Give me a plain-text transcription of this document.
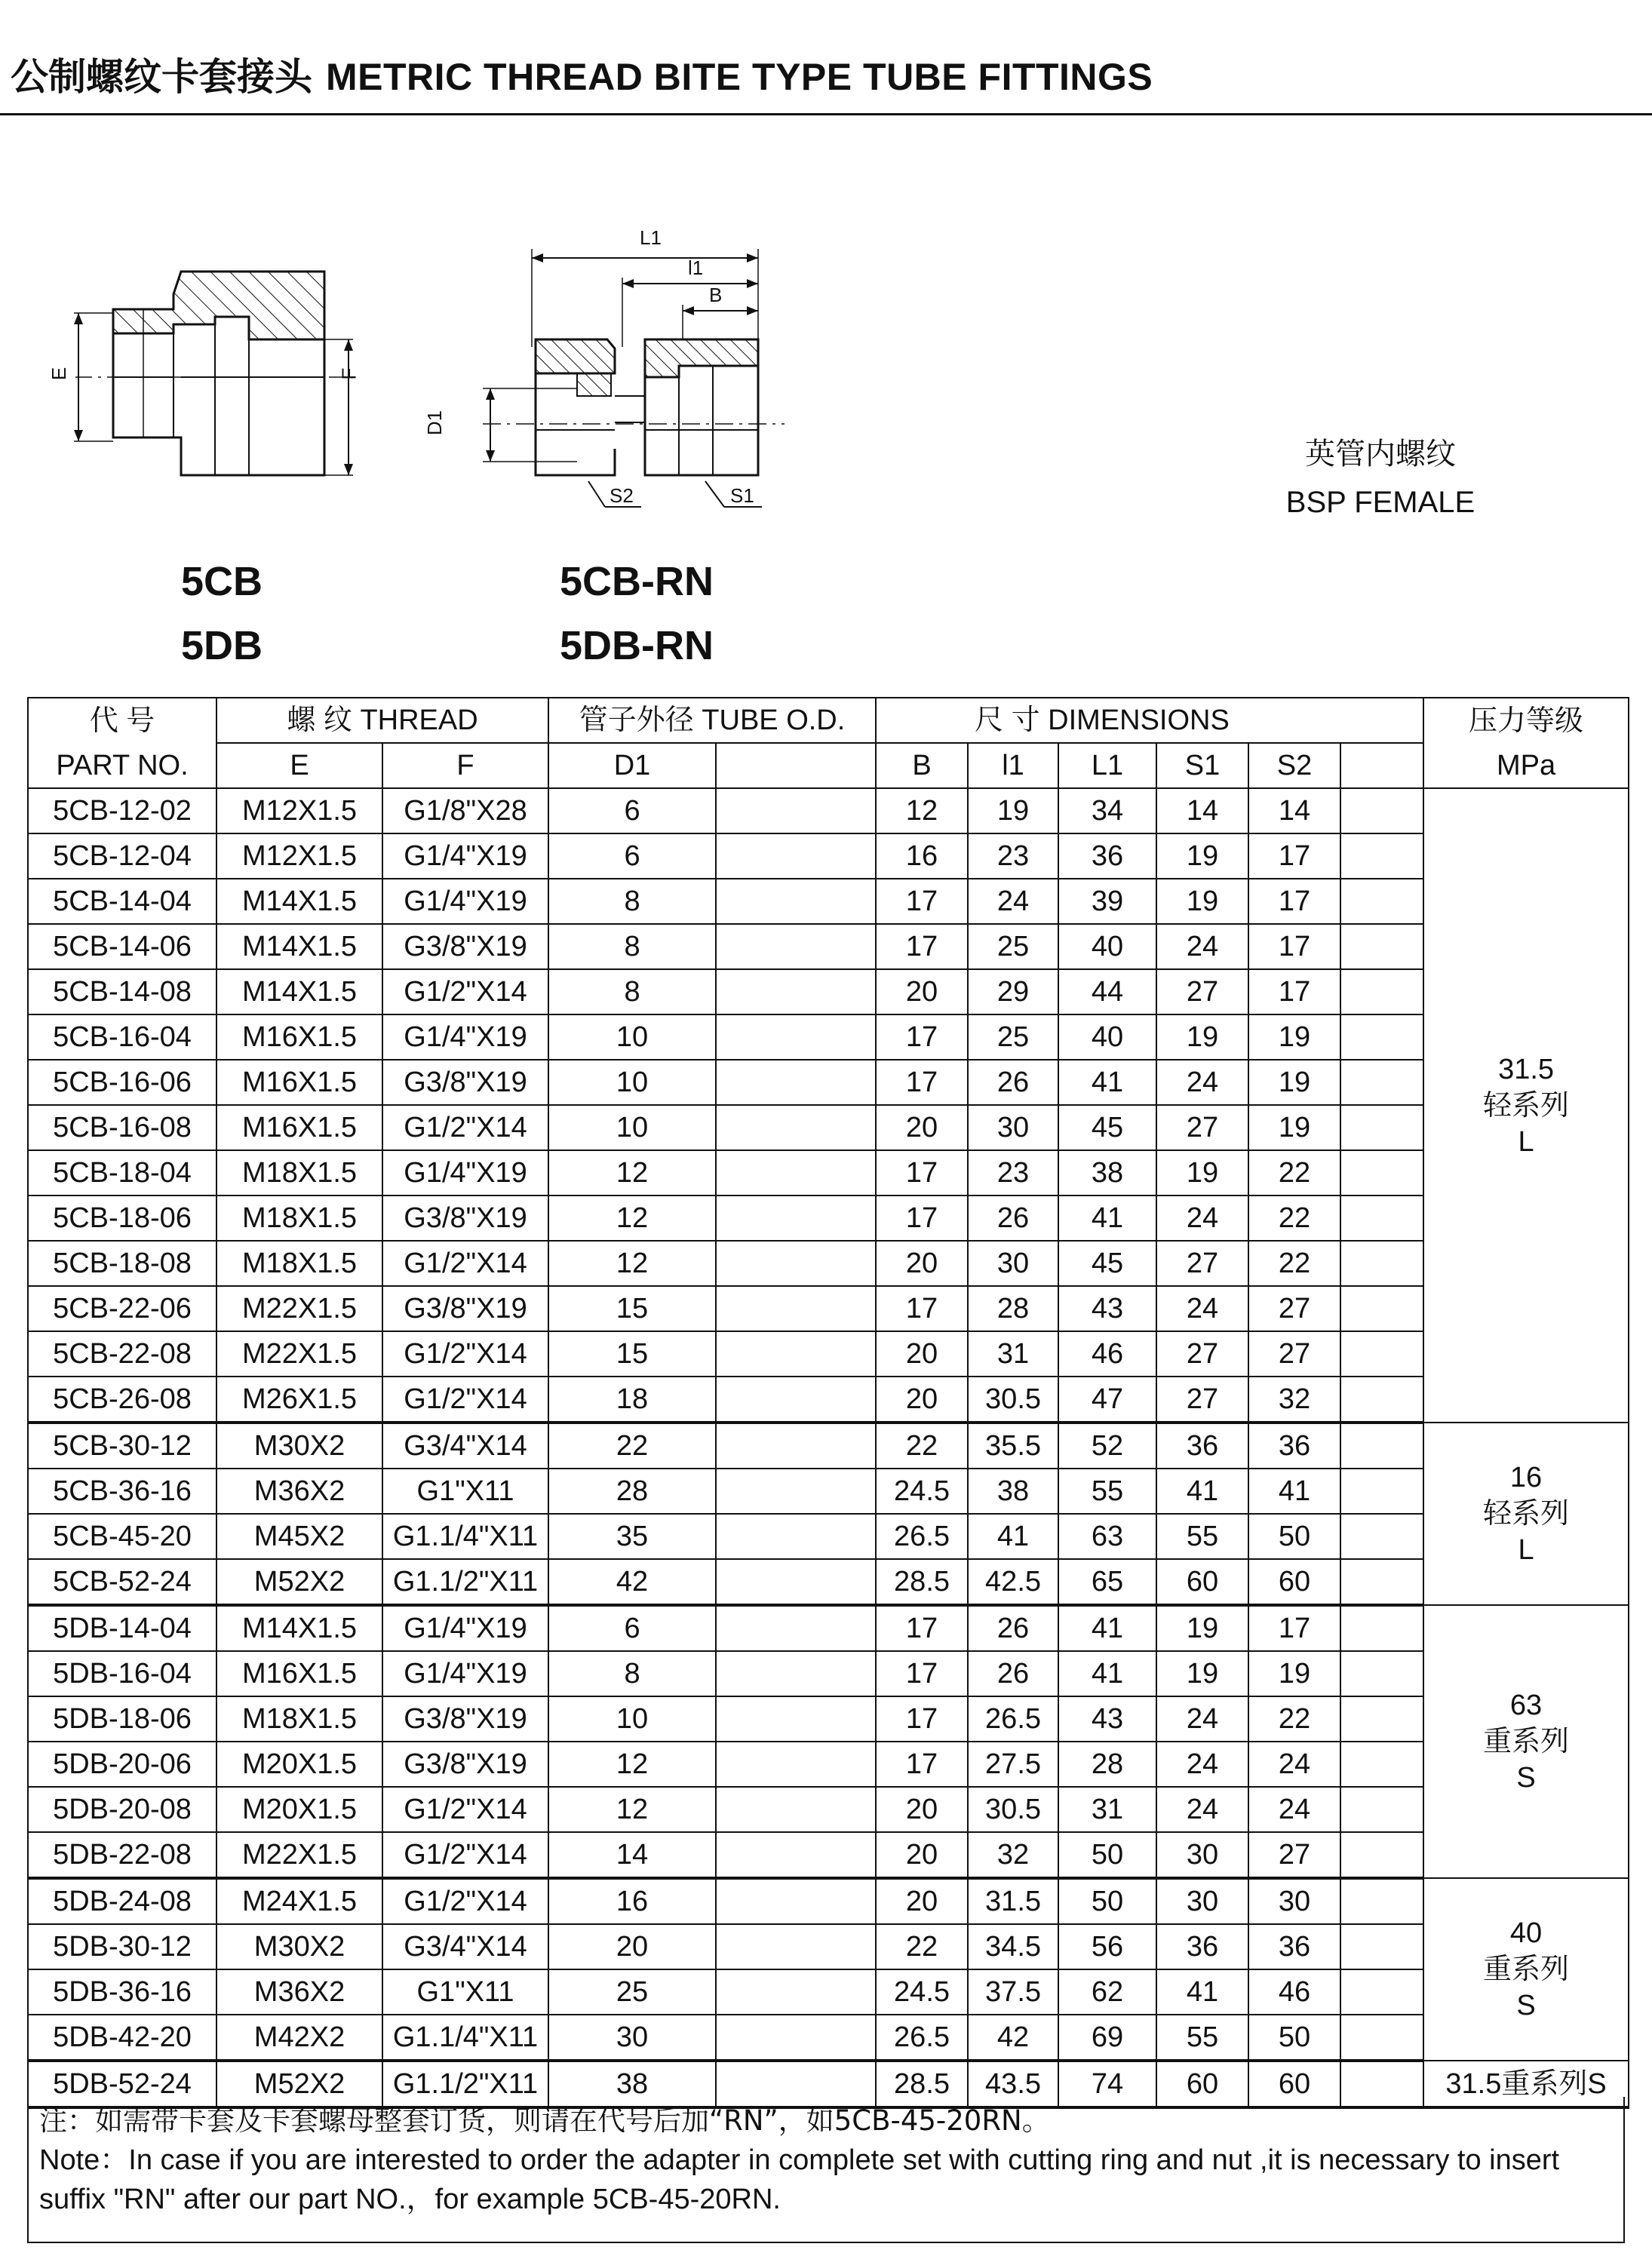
公制螺纹卡套接头 METRIC THREAD BITE TYPE TUBE FITTINGS
E	F
5CB
5DB
L1
l1
B
D1
S2	S1
5CB-RN
5DB-RN
英管内螺纹
BSP FEMALE
代 号	螺 纹 THREAD		管子外径 TUBE O.D.		尺 寸 DIMENSIONS						压力等级
PART NO.	E	F	D1		B	l1	L1	S1	S2		MPa
5CB-12-02	M12X1.5	G1/8"X28	6		12	19	34	14	14		31.5
轻系列
L

5CB-12-04	M12X1.5	G1/4"X19	6		16	23	36	19	17		
5CB-14-04	M14X1.5	G1/4"X19	8		17	24	39	19	17		
5CB-14-06	M14X1.5	G3/8"X19	8		17	25	40	24	17		
5CB-14-08	M14X1.5	G1/2"X14	8		20	29	44	27	17		
5CB-16-04	M16X1.5	G1/4"X19	10		17	25	40	19	19		
5CB-16-06	M16X1.5	G3/8"X19	10		17	26	41	24	19		
5CB-16-08	M16X1.5	G1/2"X14	10		20	30	45	27	19		
5CB-18-04	M18X1.5	G1/4"X19	12		17	23	38	19	22		
5CB-18-06	M18X1.5	G3/8"X19	12		17	26	41	24	22		
5CB-18-08	M18X1.5	G1/2"X14	12		20	30	45	27	22		
5CB-22-06	M22X1.5	G3/8"X19	15		17	28	43	24	27		
5CB-22-08	M22X1.5	G1/2"X14	15		20	31	46	27	27		
5CB-26-08	M26X1.5	G1/2"X14	18		20	30.5	47	27	32		
5CB-30-12	M30X2	G3/4"X14	22		22	35.5	52	36	36		16
轻系列
L

5CB-36-16	M36X2	G1"X11	28		24.5	38	55	41	41		
5CB-45-20	M45X2	G1.1/4"X11	35		26.5	41	63	55	50		
5CB-52-24	M52X2	G1.1/2"X11	42		28.5	42.5	65	60	60		
5DB-14-04	M14X1.5	G1/4"X19	6		17	26	41	19	17		63
重系列
S

5DB-16-04	M16X1.5	G1/4"X19	8		17	26	41	19	19		
5DB-18-06	M18X1.5	G3/8"X19	10		17	26.5	43	24	22		
5DB-20-06	M20X1.5	G3/8"X19	12		17	27.5	28	24	24		
5DB-20-08	M20X1.5	G1/2"X14	12		20	30.5	31	24	24		
5DB-22-08	M22X1.5	G1/2"X14	14		20	32	50	30	27		
5DB-24-08	M24X1.5	G1/2"X14	16		20	31.5	50	30	30		40
重系列
S

5DB-30-12	M30X2	G3/4"X14	20		22	34.5	56	36	36		
5DB-36-16	M36X2	G1"X11	25		24.5	37.5	62	41	46		
5DB-42-20	M42X2	G1.1/4"X11	30		26.5	42	69	55	50		
5DB-52-24	M52X2	G1.1/2"X11	38		28.5	43.5	74	60	60		31.5重系列S
注：如需带卡套及卡套螺母整套订货，则请在代号后加“RN”，如5CB-45-20RN。
Note：In case if you are interested to order the adapter in complete set with cutting ring and nut ,it is necessary to insert
suffix "RN" after our part NO.，for example 5CB-45-20RN.
